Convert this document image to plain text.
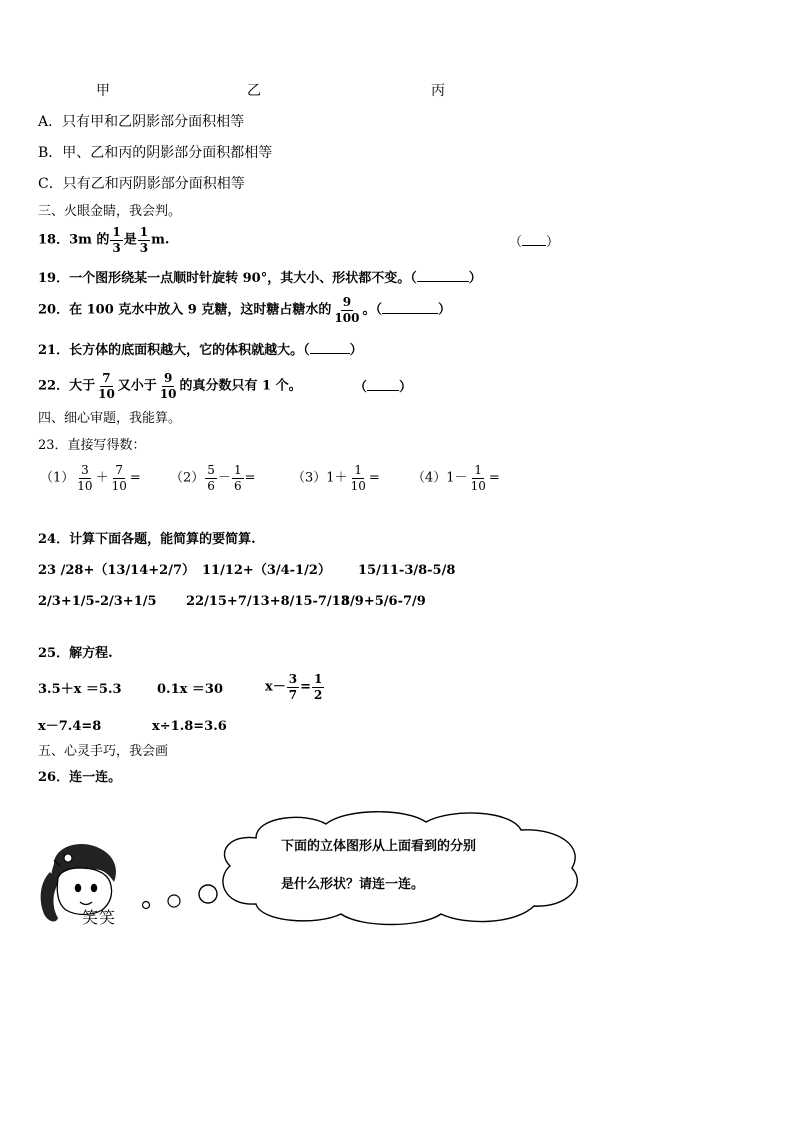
甲	乙	丙
A．只有甲和乙阴影部分面积相等
B．甲、乙和丙的阴影部分面积都相等
C．只有乙和丙阴影部分面积相等
三、火眼金睛，我会判。
18．3m 的 $\frac{1}{3}$ 是 $\frac{1}{3} m$.	（ ）
19．一个图形绕某一点顺时针旋转 90°，其大小、形状都不变。（	）
20．在 100 克水中放入 9 克糖，这时糖占糖水的 $\frac{9}{100}$ 。（	）
21．长方体的底面积越大，它的体积就越大。（	）
22．大于 $\frac{7}{10}$ 又小于 $\frac{9}{10}$ 的真分数只有 1 个。	（ ）
四、细心审题，我能算。
23．直接写得数：
$(1) \frac{3}{10} + \frac{7}{10} = (2) \frac{5}{6} - \frac{1}{6}$ =	$(3)1+ \frac{1}{10} = (4)1- \frac{1}{10}$ =
24．计算下面各题，能简算的要简算.
23 /28+（13/14+2/7） 11/12+（3/4-1/2） 15/11-3/8-5/8
2/3+1/5-2/3+1/5 22/15+7/13+8/15-7/13
8/9+5/6-7/9
25．解方程.
3.5＋x ＝5.3	0.1x ＝30	$x- \frac{3}{7} = \frac{1}{2}$
x－7.4=8	x÷1.8=3.6
五、心灵手巧，我会画
26．连一连。
下面的立体图形从上面看到的分别
是什么形状？请连一连。
笑笑
